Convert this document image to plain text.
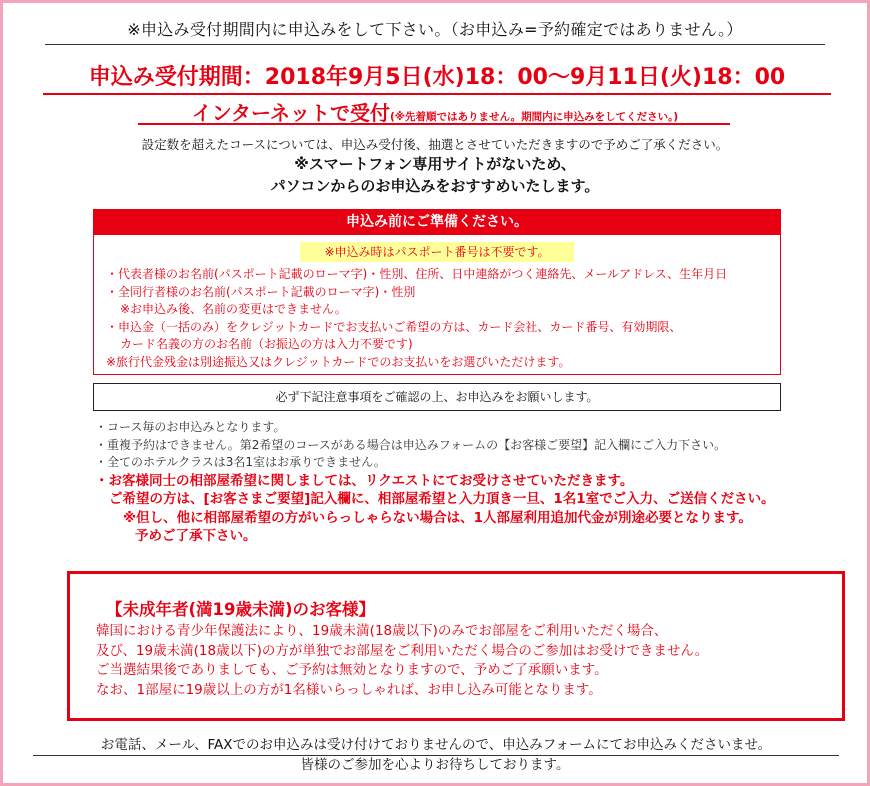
※申込み受付期間内に申込みをして下さい。（お申込み=予約確定ではありません。）
申込み受付期間：2018年9月5日(水)18：00〜9月11日(火)18：00
インターネットで受付(※先着順ではありません。期間内に申込みをしてください。)
設定数を超えたコースについては、申込み受付後、抽選とさせていただきますので予めご了承ください。
※スマートフォン専用サイトがないため、
パソコンからのお申込みをおすすめいたします。
申込み前にご準備ください。
※申込み時はパスポート番号は不要です。
・代表者様のお名前(パスポート記載のローマ字)・性別、住所、日中連絡がつく連絡先、メールアドレス、生年月日
・全同行者様のお名前(パスポート記載のローマ字)・性別
※お申込み後、名前の変更はできません。
・申込金（一括のみ）をクレジットカードでお支払いご希望の方は、カード会社、カード番号、有効期限、
カード名義の方のお名前（お振込の方は入力不要です)
※旅行代金残金は別途振込又はクレジットカードでのお支払いをお選びいただけます。
必ず下記注意事項をご確認の上、お申込みをお願いします。
・コース毎のお申込みとなります。
・重複予約はできません。第2希望のコースがある場合は申込みフォームの【お客様ご要望】記入欄にご入力下さい。
・全てのホテルクラスは3名1室はお承りできません。
・お客様同士の相部屋希望に関しましては、リクエストにてお受けさせていただきます。
ご希望の方は、[お客さまご要望]記入欄に、相部屋希望と入力頂き一旦、1名1室でご入力、ご送信ください。
※但し、他に相部屋希望の方がいらっしゃらない場合は、1人部屋利用追加代金が別途必要となります。
予めご了承下さい。
【未成年者(満19歳未満)のお客様】
韓国における青少年保護法により、19歳未満(18歳以下)のみでお部屋をご利用いただく場合、
及び、19歳未満(18歳以下)の方が単独でお部屋をご利用いただく場合のご参加はお受けできません。
ご当選結果後でありましても、ご予約は無効となりますので、予めご了承願います。
なお、1部屋に19歳以上の方が1名様いらっしゃれば、お申し込み可能となります。
お電話、メール、FAXでのお申込みは受け付けておりませんので、申込みフォームにてお申込みくださいませ。
皆様のご参加を心よりお待ちしております。
